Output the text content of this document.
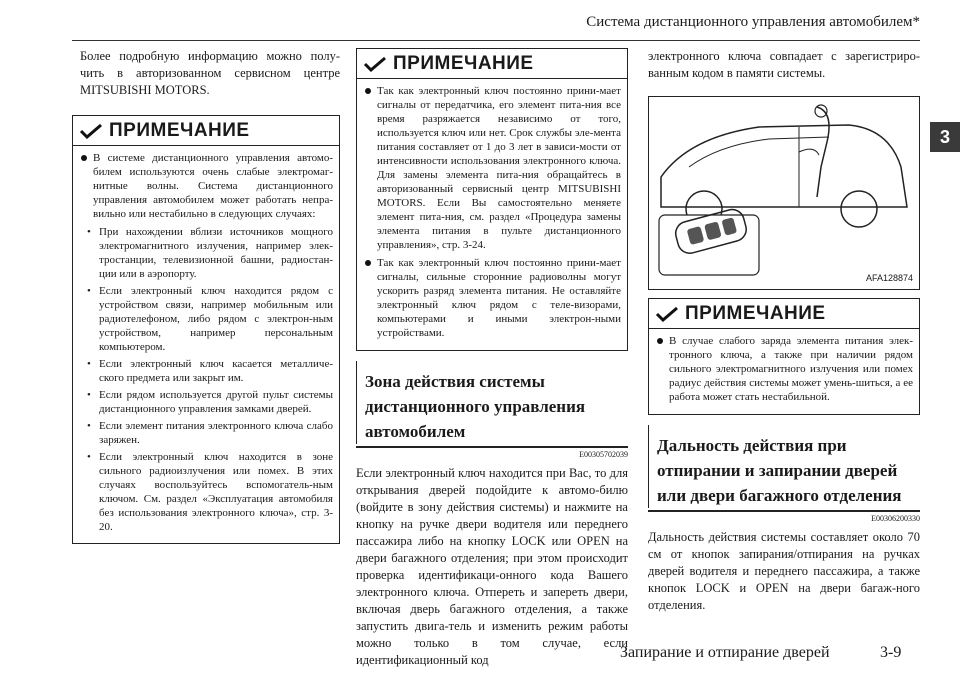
Система дистанционного управления автомобилем*
3

Более подробную информацию можно полу-чить в авторизованном сервисном центре MITSUBISHI MOTORS.

ПРИМЕЧАНИЕ
В системе дистанционного управления автомо-билем используются очень слабые электромаг-нитные волны. Система дистанционного управления автомобилем может работать непра-вильно или нестабильно в следующих случаях:
• При нахождении вблизи источников мощного электромагнитного излучения, например элек-тростанции, телевизионной башни, радиостан-ции или в аэропорту.
• Если электронный ключ находится рядом с устройством связи, например мобильным или радиотелефоном, либо рядом с электрон-ным устройством, например персональным компьютером.
• Если электронный ключ касается металличе-ского предмета или закрыт им.
• Если рядом используется другой пульт системы дистанционного управления замками дверей.
• Если элемент питания электронного ключа слабо заряжен.
• Если электронный ключ находится в зоне сильного радиоизлучения или помех. В этих случаях воспользуйтесь вспомогатель-ным ключом. См. раздел «Эксплуатация автомобиля без использования электронного ключа», стр. 3-20.
ПРИМЕЧАНИЕ
Так как электронный ключ постоянно прини-мает сигналы от передатчика, его элемент пита-ния все время разряжается независимо от того, используется ключ или нет. Срок службы эле-мента питания составляет от 1 до 3 лет в зависи-мости от интенсивности использования электронного ключа. Для замены элемента пита-ния обращайтесь в авторизованный сервисный центр MITSUBISHI MOTORS. Если Вы самостоятельно меняете элемент пита-ния, см. раздел «Процедура замены элемента питания в пульте дистанционного управления», стр. 3-24.
Так как электронный ключ постоянно прини-мает сигналы, сильные сторонние радиоволны могут ускорить разряд элемента питания. Не оставляйте электронный ключ рядом с теле-визорами, компьютерами и иными электрон-ными устройствами.
Зона действия системы дистанционного управления автомобилем
E00305702039

Если электронный ключ находится при Вас, то для открывания дверей подойдите к автомо-билю (войдите в зону действия системы) и нажмите на кнопку на ручке двери водителя или переднего пассажира либо на кнопку LOCK или OPEN на двери багажного отделения; при этом происходит проверка идентификаци-онного кода Вашего электронного ключа. Отпереть и запереть двери, включая дверь багажного отделения, а также запустить двига-тель и изменить режим работы можно только в том случае, если идентификационный код

электронного ключа совпадает с зарегистриро-ванным кодом в памяти системы.

AFA128874
ПРИМЕЧАНИЕ
В случае слабого заряда элемента питания элек-тронного ключа, а также при наличии рядом сильного электромагнитного излучения или помех радиус действия системы может умень-шиться, а ее работа может стать нестабильной.
Дальность действия при отпирании и запирании дверей или двери багажного отделения
E00306200330

Дальность действия системы составляет около 70 см от кнопок запирания/отпирания на ручках дверей водителя и переднего пассажира, а также кнопок LOCK и OPEN на двери багаж-ного отделения.

Запирание и отпирание дверей	3-9
